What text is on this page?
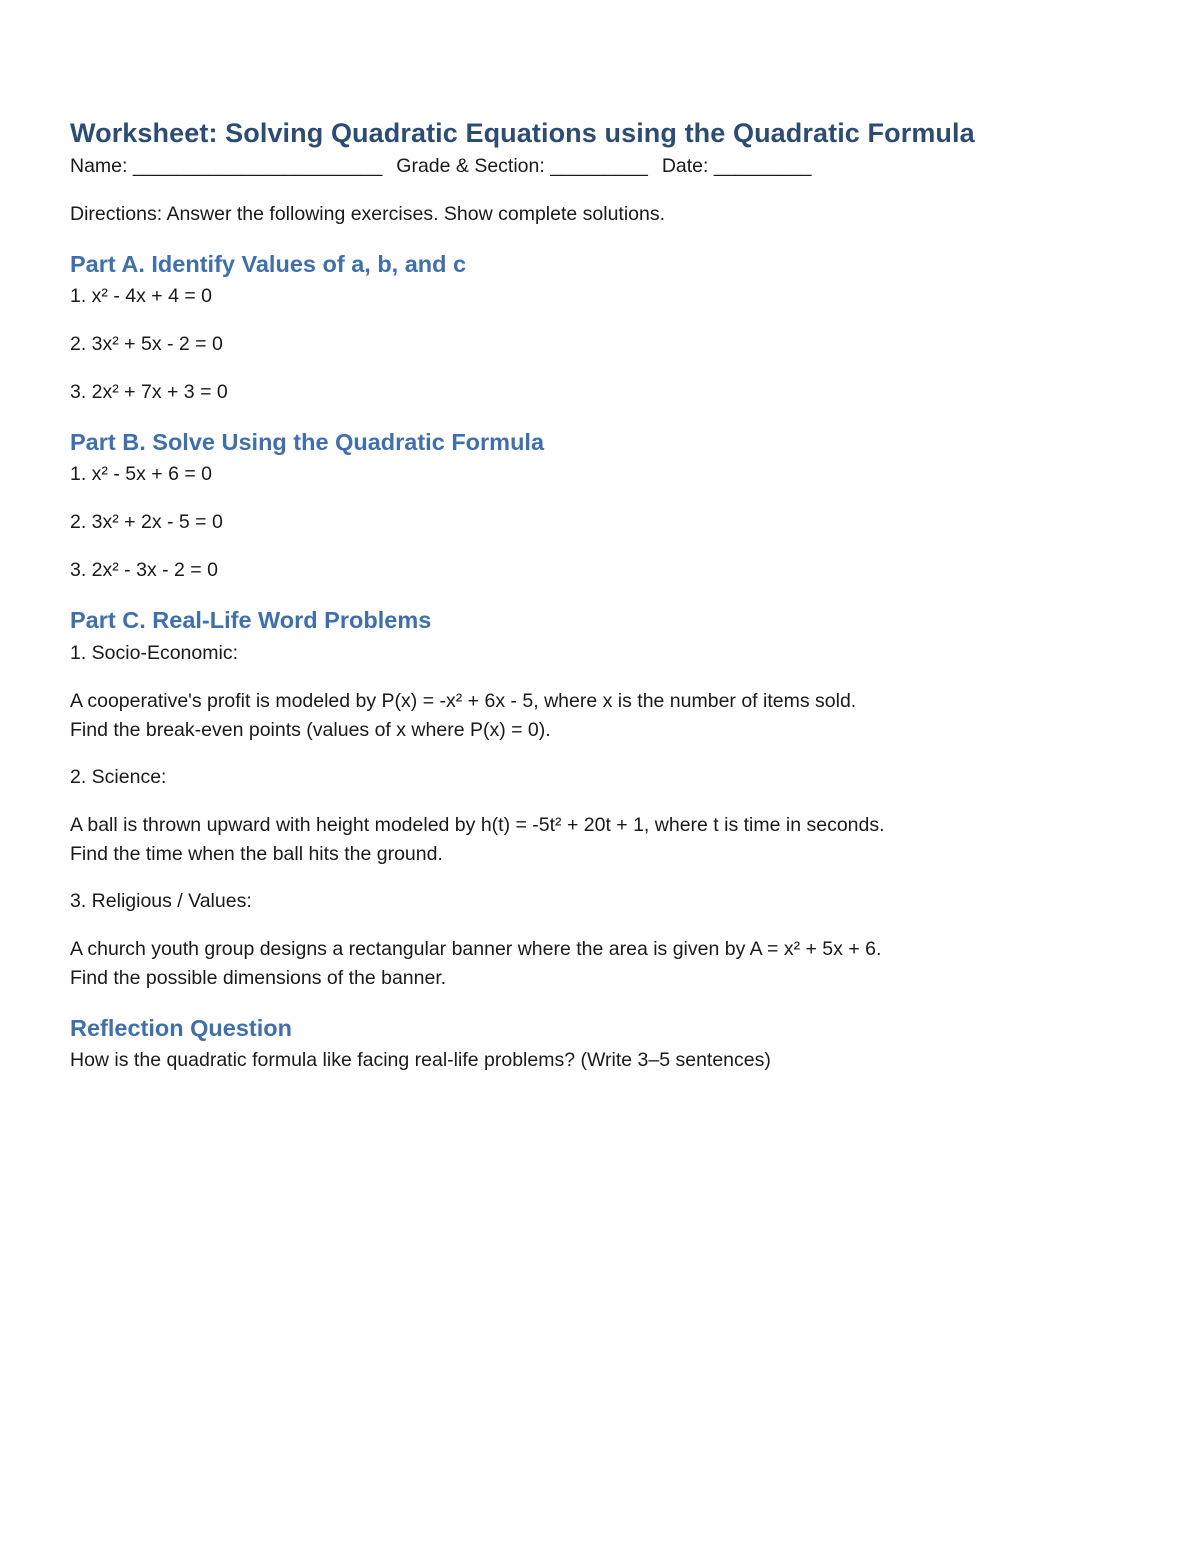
Worksheet: Solving Quadratic Equations using the Quadratic Formula

Name: _______________________ Grade & Section: _________ Date: _________

Directions: Answer the following exercises. Show complete solutions.

Part A. Identify Values of a, b, and c

1. x² - 4x + 4 = 0

2. 3x² + 5x - 2 = 0

3. 2x² + 7x + 3 = 0

Part B. Solve Using the Quadratic Formula

1. x² - 5x + 6 = 0

2. 3x² + 2x - 5 = 0

3. 2x² - 3x - 2 = 0

Part C. Real-Life Word Problems

1. Socio-Economic:

A cooperative's profit is modeled by P(x) = -x² + 6x - 5, where x is the number of items sold.

Find the break-even points (values of x where P(x) = 0).

2. Science:

A ball is thrown upward with height modeled by h(t) = -5t² + 20t + 1, where t is time in seconds.

Find the time when the ball hits the ground.

3. Religious / Values:

A church youth group designs a rectangular banner where the area is given by A = x² + 5x + 6.

Find the possible dimensions of the banner.

Reflection Question

How is the quadratic formula like facing real-life problems? (Write 3–5 sentences)
